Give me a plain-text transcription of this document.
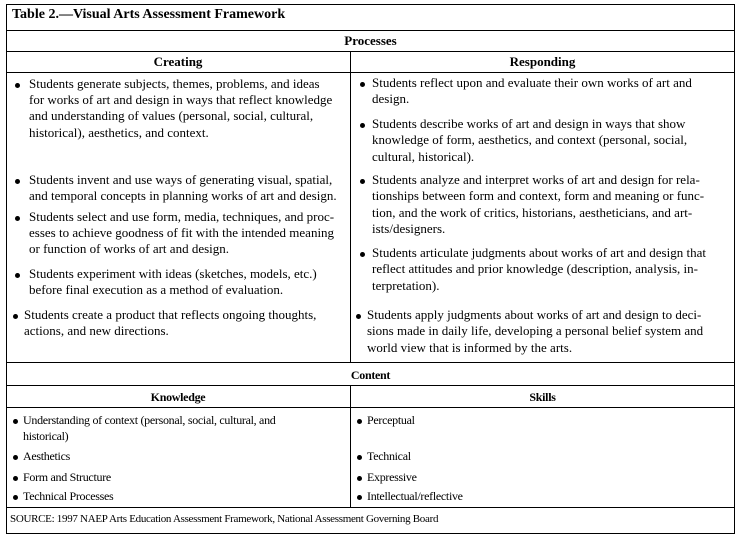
Table 2.—Visual Arts Assessment Framework
Processes
Creating	Responding
Content
Knowledge	Skills
SOURCE: 1997 NAEP Arts Education Assessment Framework, National Assessment Governing Board
Students generate subjects, themes, problems, and ideas
for works of art and design in ways that reflect knowledge
and understanding of values (personal, social, cultural,
historical), aesthetics, and context.
Students invent and use ways of generating visual, spatial,
and temporal concepts in planning works of art and design.
Students select and use form, media, techniques, and proc-
esses to achieve goodness of fit with the intended meaning
or function of works of art and design.
Students experiment with ideas (sketches, models, etc.)
before final execution as a method of evaluation.
Students create a product that reflects ongoing thoughts,
actions, and new directions.
Students reflect upon and evaluate their own works of art and
design.
Students describe works of art and design in ways that show
knowledge of form, aesthetics, and context (personal, social,
cultural, historical).
Students analyze and interpret works of art and design for rela-
tionships between form and context, form and meaning or func-
tion, and the work of critics, historians, aestheticians, and art-
ists/designers.
Students articulate judgments about works of art and design that
reflect attitudes and prior knowledge (description, analysis, in-
terpretation).
Students apply judgments about works of art and design to deci-
sions made in daily life, developing a personal belief system and
world view that is informed by the arts.
Understanding of context (personal, social, cultural, and
historical)
Aesthetics
Form and Structure
Technical Processes
Perceptual
Technical
Expressive
Intellectual/reflective
